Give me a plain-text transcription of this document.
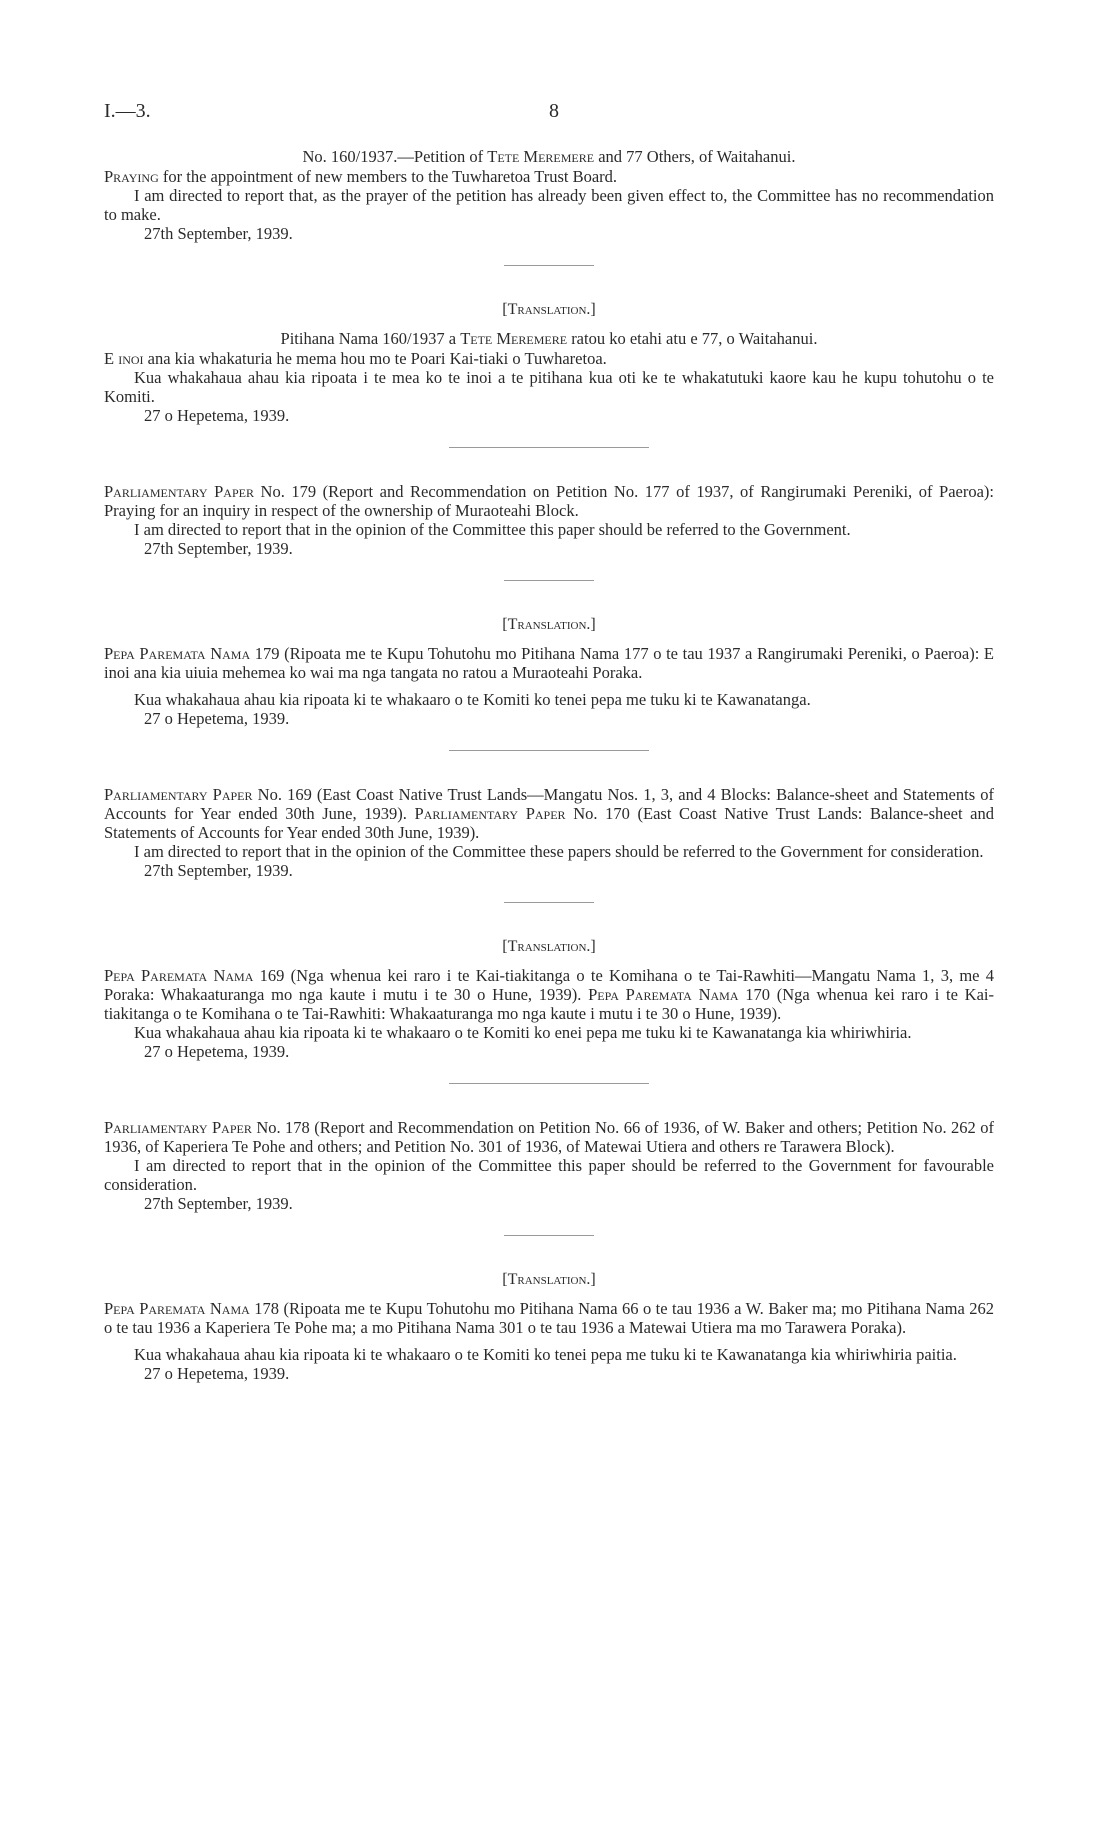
I.—3.	8

No. 160/1937.—Petition of Tete Meremere and 77 Others, of Waitahanui.

Praying for the appointment of new members to the Tuwharetoa Trust Board.

I am directed to report that, as the prayer of the petition has already been given effect to, the Committee has no recommendation to make.

27th September, 1939.

[Translation.]

Pitihana Nama 160/1937 a Tete Meremere ratou ko etahi atu e 77, o Waitahanui.

E inoi ana kia whakaturia he mema hou mo te Poari Kai-tiaki o Tuwharetoa.

Kua whakahaua ahau kia ripoata i te mea ko te inoi a te pitihana kua oti ke te whakatutuki kaore kau he kupu tohutohu o te Komiti.

27 o Hepetema, 1939.

Parliamentary Paper No. 179 (Report and Recommendation on Petition No. 177 of 1937, of Rangirumaki Pereniki, of Paeroa): Praying for an inquiry in respect of the ownership of Muraoteahi Block.

I am directed to report that in the opinion of the Committee this paper should be referred to the Government.

27th September, 1939.

[Translation.]

Pepa Paremata Nama 179 (Ripoata me te Kupu Tohutohu mo Pitihana Nama 177 o te tau 1937 a Rangirumaki Pereniki, o Paeroa): E inoi ana kia uiuia mehemea ko wai ma nga tangata no ratou a Muraoteahi Poraka.

Kua whakahaua ahau kia ripoata ki te whakaaro o te Komiti ko tenei pepa me tuku ki te Kawanatanga.

27 o Hepetema, 1939.

Parliamentary Paper No. 169 (East Coast Native Trust Lands—Mangatu Nos. 1, 3, and 4 Blocks: Balance-sheet and Statements of Accounts for Year ended 30th June, 1939). Parliamentary Paper No. 170 (East Coast Native Trust Lands: Balance-sheet and Statements of Accounts for Year ended 30th June, 1939).

I am directed to report that in the opinion of the Committee these papers should be referred to the Government for consideration.

27th September, 1939.

[Translation.]

Pepa Paremata Nama 169 (Nga whenua kei raro i te Kai-tiakitanga o te Komihana o te Tai-Rawhiti—Mangatu Nama 1, 3, me 4 Poraka: Whakaaturanga mo nga kaute i mutu i te 30 o Hune, 1939). Pepa Paremata Nama 170 (Nga whenua kei raro i te Kai-tiakitanga o te Komihana o te Tai-Rawhiti: Whakaaturanga mo nga kaute i mutu i te 30 o Hune, 1939).

Kua whakahaua ahau kia ripoata ki te whakaaro o te Komiti ko enei pepa me tuku ki te Kawanatanga kia whiriwhiria.

27 o Hepetema, 1939.

Parliamentary Paper No. 178 (Report and Recommendation on Petition No. 66 of 1936, of W. Baker and others; Petition No. 262 of 1936, of Kaperiera Te Pohe and others; and Petition No. 301 of 1936, of Matewai Utiera and others re Tarawera Block).

I am directed to report that in the opinion of the Committee this paper should be referred to the Government for favourable consideration.

27th September, 1939.

[Translation.]

Pepa Paremata Nama 178 (Ripoata me te Kupu Tohutohu mo Pitihana Nama 66 o te tau 1936 a W. Baker ma; mo Pitihana Nama 262 o te tau 1936 a Kaperiera Te Pohe ma; a mo Pitihana Nama 301 o te tau 1936 a Matewai Utiera ma mo Tarawera Poraka).

Kua whakahaua ahau kia ripoata ki te whakaaro o te Komiti ko tenei pepa me tuku ki te Kawanatanga kia whiriwhiria paitia.

27 o Hepetema, 1939.
